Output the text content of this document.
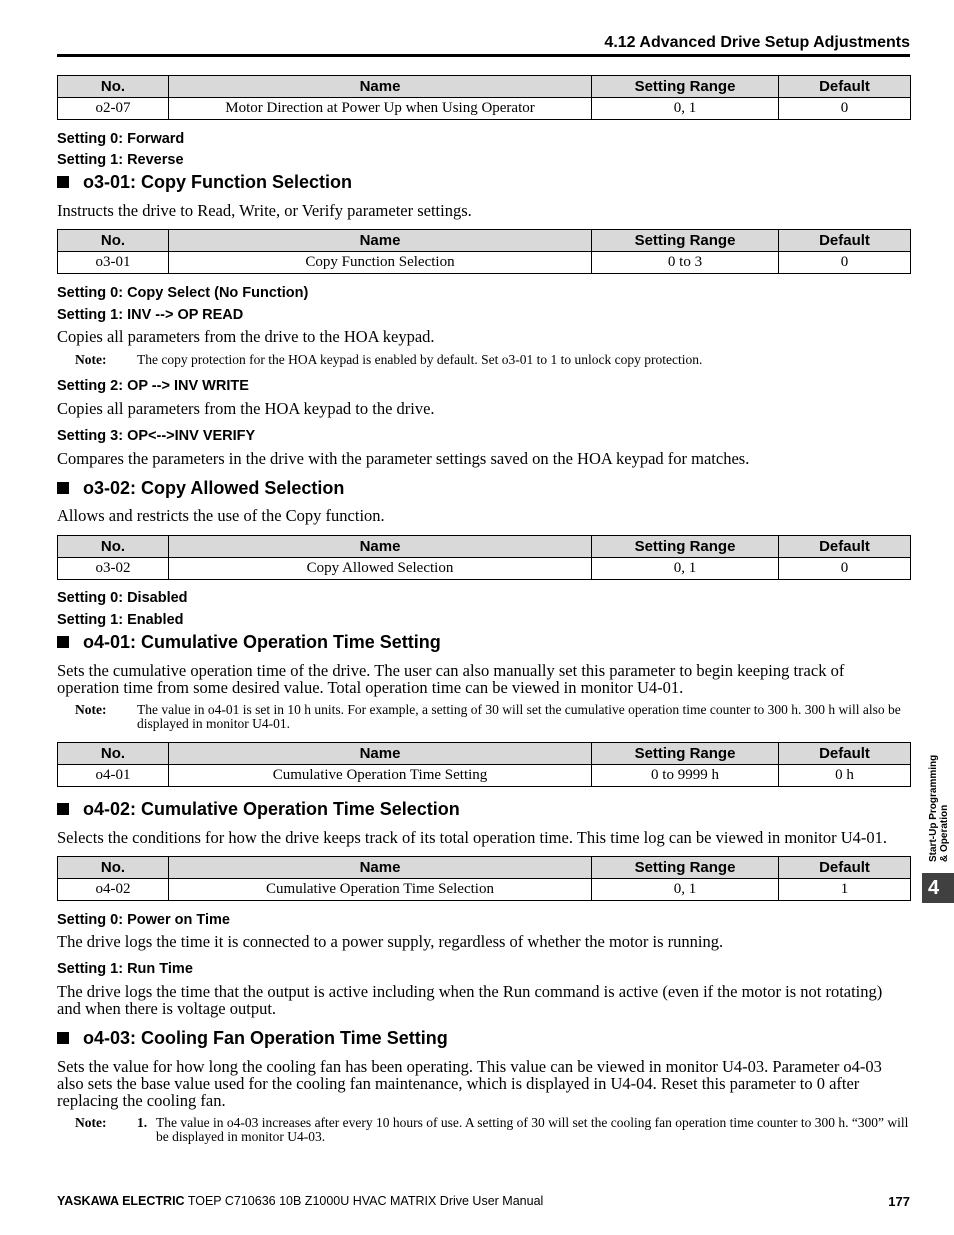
4.12 Advanced Drive Setup Adjustments
No.	Name	Setting Range	Default
o2-07	Motor Direction at Power Up when Using Operator	0, 1	0
Setting 0: Forward
Setting 1: Reverse
o3-01: Copy Function Selection
Instructs the drive to Read, Write, or Verify parameter settings.
No.	Name	Setting Range	Default
o3-01	Copy Function Selection	0 to 3	0
Setting 0: Copy Select (No Function)
Setting 1: INV --> OP READ
Copies all parameters from the drive to the HOA keypad.
Note: The copy protection for the HOA keypad is enabled by default. Set o3-01 to 1 to unlock copy protection.
Setting 2: OP --> INV WRITE
Copies all parameters from the HOA keypad to the drive.
Setting 3: OP<-->INV VERIFY
Compares the parameters in the drive with the parameter settings saved on the HOA keypad for matches.
o3-02: Copy Allowed Selection
Allows and restricts the use of the Copy function.
No.	Name	Setting Range	Default
o3-02	Copy Allowed Selection	0, 1	0
Setting 0: Disabled
Setting 1: Enabled
o4-01: Cumulative Operation Time Setting
Sets the cumulative operation time of the drive. The user can also manually set this parameter to begin keeping track of operation time from some desired value. Total operation time can be viewed in monitor U4-01.
Note: The value in o4-01 is set in 10 h units. For example, a setting of 30 will set the cumulative operation time counter to 300 h. 300 h will also be displayed in monitor U4-01.
No.	Name	Setting Range	Default
o4-01	Cumulative Operation Time Setting	0 to 9999 h	0 h
o4-02: Cumulative Operation Time Selection
Selects the conditions for how the drive keeps track of its total operation time. This time log can be viewed in monitor U4-01.
No.	Name	Setting Range	Default
o4-02	Cumulative Operation Time Selection	0, 1	1
Setting 0: Power on Time
The drive logs the time it is connected to a power supply, regardless of whether the motor is running.
Setting 1: Run Time
The drive logs the time that the output is active including when the Run command is active (even if the motor is not rotating) and when there is voltage output.
o4-03: Cooling Fan Operation Time Setting
Sets the value for how long the cooling fan has been operating. This value can be viewed in monitor U4-03. Parameter o4-03 also sets the base value used for the cooling fan maintenance, which is displayed in U4-04. Reset this parameter to 0 after replacing the cooling fan.
Note: 1. The value in o4-03 increases after every 10 hours of use. A setting of 30 will set the cooling fan operation time counter to 300 h. “300” will be displayed in monitor U4-03.
Start-Up Programming & Operation
4
YASKAWA ELECTRIC TOEP C710636 10B Z1000U HVAC MATRIX Drive User Manual	177
